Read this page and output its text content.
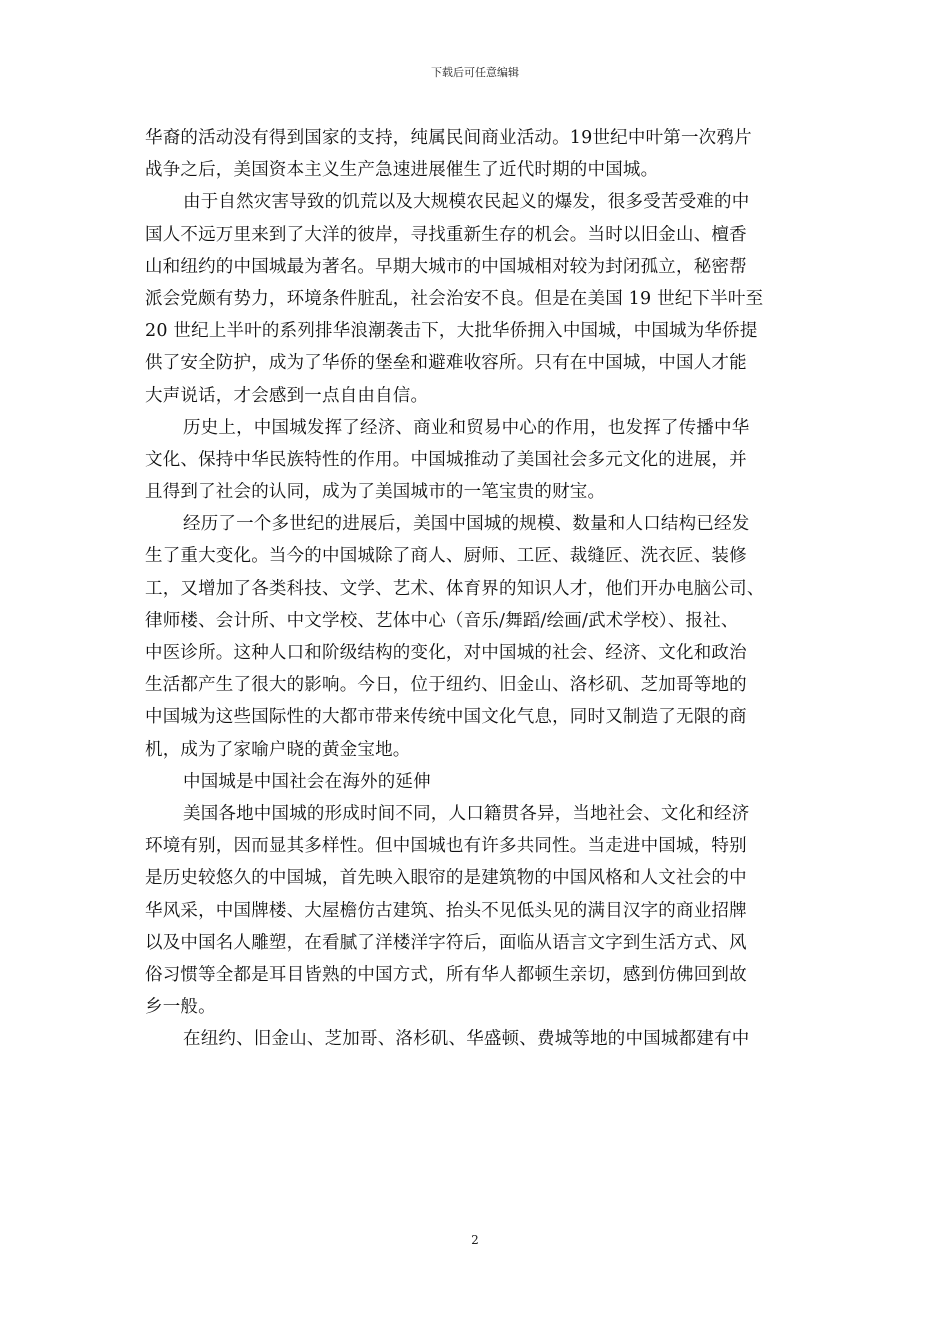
下载后可任意编辑
华裔的活动没有得到国家的支持，纯属民间商业活动。19世纪中叶第一次鸦片
战争之后，美国资本主义生产急速进展催生了近代时期的中国城。
由于自然灾害导致的饥荒以及大规模农民起义的爆发，很多受苦受难的中
国人不远万里来到了大洋的彼岸，寻找重新生存的机会。当时以旧金山、檀香
山和纽约的中国城最为著名。早期大城市的中国城相对较为封闭孤立，秘密帮
派会党颇有势力，环境条件脏乱，社会治安不良。但是在美国 19 世纪下半叶至
20 世纪上半叶的系列排华浪潮袭击下，大批华侨拥入中国城，中国城为华侨提
供了安全防护，成为了华侨的堡垒和避难收容所。只有在中国城，中国人才能
大声说话，才会感到一点自由自信。
历史上，中国城发挥了经济、商业和贸易中心的作用，也发挥了传播中华
文化、保持中华民族特性的作用。中国城推动了美国社会多元文化的进展，并
且得到了社会的认同，成为了美国城市的一笔宝贵的财宝。
经历了一个多世纪的进展后，美国中国城的规模、数量和人口结构已经发
生了重大变化。当今的中国城除了商人、厨师、工匠、裁缝匠、洗衣匠、装修
工，又增加了各类科技、文学、艺术、体育界的知识人才，他们开办电脑公司、
律师楼、会计所、中文学校、艺体中心（音乐/舞蹈/绘画/武术学校）、报社、
中医诊所。这种人口和阶级结构的变化，对中国城的社会、经济、文化和政治
生活都产生了很大的影响。今日，位于纽约、旧金山、洛杉矶、芝加哥等地的
中国城为这些国际性的大都市带来传统中国文化气息，同时又制造了无限的商
机，成为了家喻户晓的黄金宝地。
中国城是中国社会在海外的延伸
美国各地中国城的形成时间不同，人口籍贯各异，当地社会、文化和经济
环境有别，因而显其多样性。但中国城也有许多共同性。当走进中国城，特别
是历史较悠久的中国城，首先映入眼帘的是建筑物的中国风格和人文社会的中
华风采，中国牌楼、大屋檐仿古建筑、抬头不见低头见的满目汉字的商业招牌
以及中国名人雕塑，在看腻了洋楼洋字符后，面临从语言文字到生活方式、风
俗习惯等全都是耳目皆熟的中国方式，所有华人都顿生亲切，感到仿佛回到故
乡一般。
在纽约、旧金山、芝加哥、洛杉矶、华盛顿、费城等地的中国城都建有中
2
